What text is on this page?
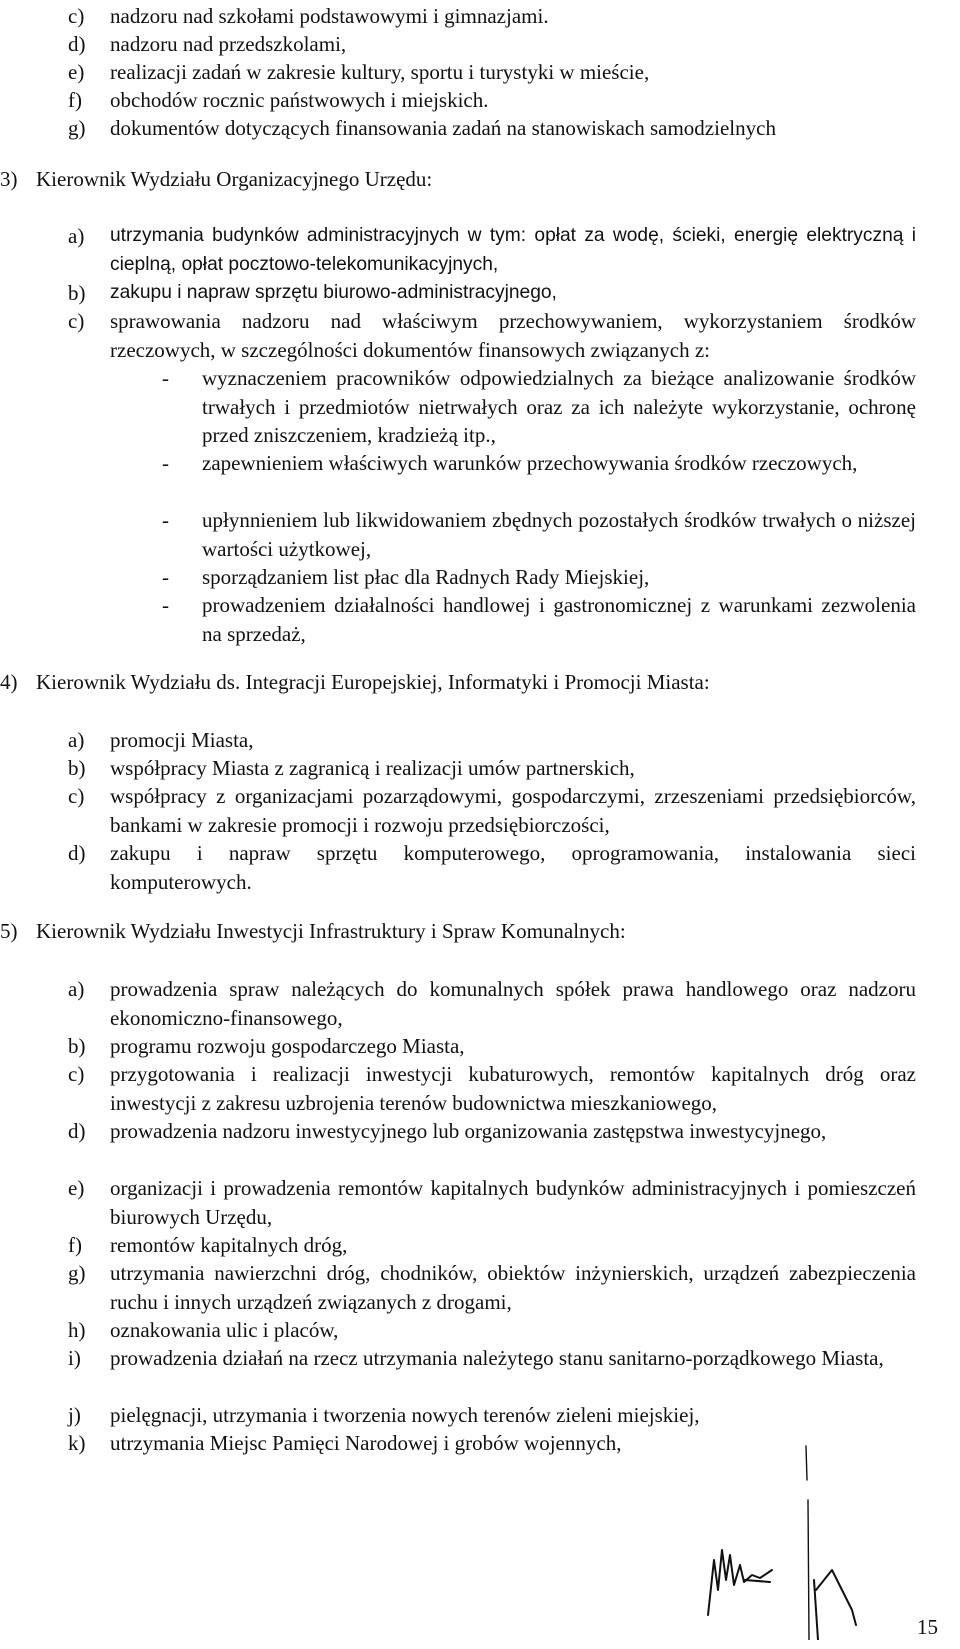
c) nadzoru nad szkołami podstawowymi i gimnazjami.
d) nadzoru nad przedszkolami,
e) realizacji zadań w zakresie kultury, sportu i turystyki w mieście,
f) obchodów rocznic państwowych i miejskich.
g) dokumentów dotyczących finansowania zadań na stanowiskach samodzielnych
3) Kierownik Wydziału Organizacyjnego Urzędu:
a) utrzymania budynków administracyjnych w tym: opłat za wodę, ścieki, energię elektryczną i cieplną, opłat pocztowo-telekomunikacyjnych,
b) zakupu i napraw sprzętu biurowo-administracyjnego,
c) sprawowania nadzoru nad właściwym przechowywaniem, wykorzystaniem środków rzeczowych, w szczególności dokumentów finansowych związanych z:
- wyznaczeniem pracowników odpowiedzialnych za bieżące analizowanie środków trwałych i przedmiotów nietrwałych oraz za ich należyte wykorzystanie, ochronę przed zniszczeniem, kradzieżą itp.,
- zapewnieniem właściwych warunków przechowywania środków rzeczowych,
- upłynnieniem lub likwidowaniem zbędnych pozostałych środków trwałych o niższej wartości użytkowej,
- sporządzaniem list płac dla Radnych Rady Miejskiej,
- prowadzeniem działalności handlowej i gastronomicznej z warunkami zezwolenia na sprzedaż,
4) Kierownik Wydziału ds. Integracji Europejskiej, Informatyki i Promocji Miasta:
a) promocji Miasta,
b) współpracy Miasta z zagranicą i realizacji umów partnerskich,
c) współpracy z organizacjami pozarządowymi, gospodarczymi, zrzeszeniami przedsiębiorców, bankami w zakresie promocji i rozwoju przedsiębiorczości,
d) zakupu i napraw sprzętu komputerowego, oprogramowania, instalowania sieci komputerowych.
5) Kierownik Wydziału Inwestycji Infrastruktury i Spraw Komunalnych:
a) prowadzenia spraw należących do komunalnych spółek prawa handlowego oraz nadzoru ekonomiczno-finansowego,
b) programu rozwoju gospodarczego Miasta,
c) przygotowania i realizacji inwestycji kubaturowych, remontów kapitalnych dróg oraz inwestycji z zakresu uzbrojenia terenów budownictwa mieszkaniowego,
d) prowadzenia nadzoru inwestycyjnego lub organizowania zastępstwa inwestycyjnego,
e) organizacji i prowadzenia remontów kapitalnych budynków administracyjnych i pomieszczeń biurowych Urzędu,
f) remontów kapitalnych dróg,
g) utrzymania nawierzchni dróg, chodników, obiektów inżynierskich, urządzeń zabezpieczenia ruchu i innych urządzeń związanych z drogami,
h) oznakowania ulic i placów,
i) prowadzenia działań na rzecz utrzymania należytego stanu sanitarno-porządkowego Miasta,
j) pielęgnacji, utrzymania i tworzenia nowych terenów zieleni miejskiej,
k) utrzymania Miejsc Pamięci Narodowej i grobów wojennych,
15
